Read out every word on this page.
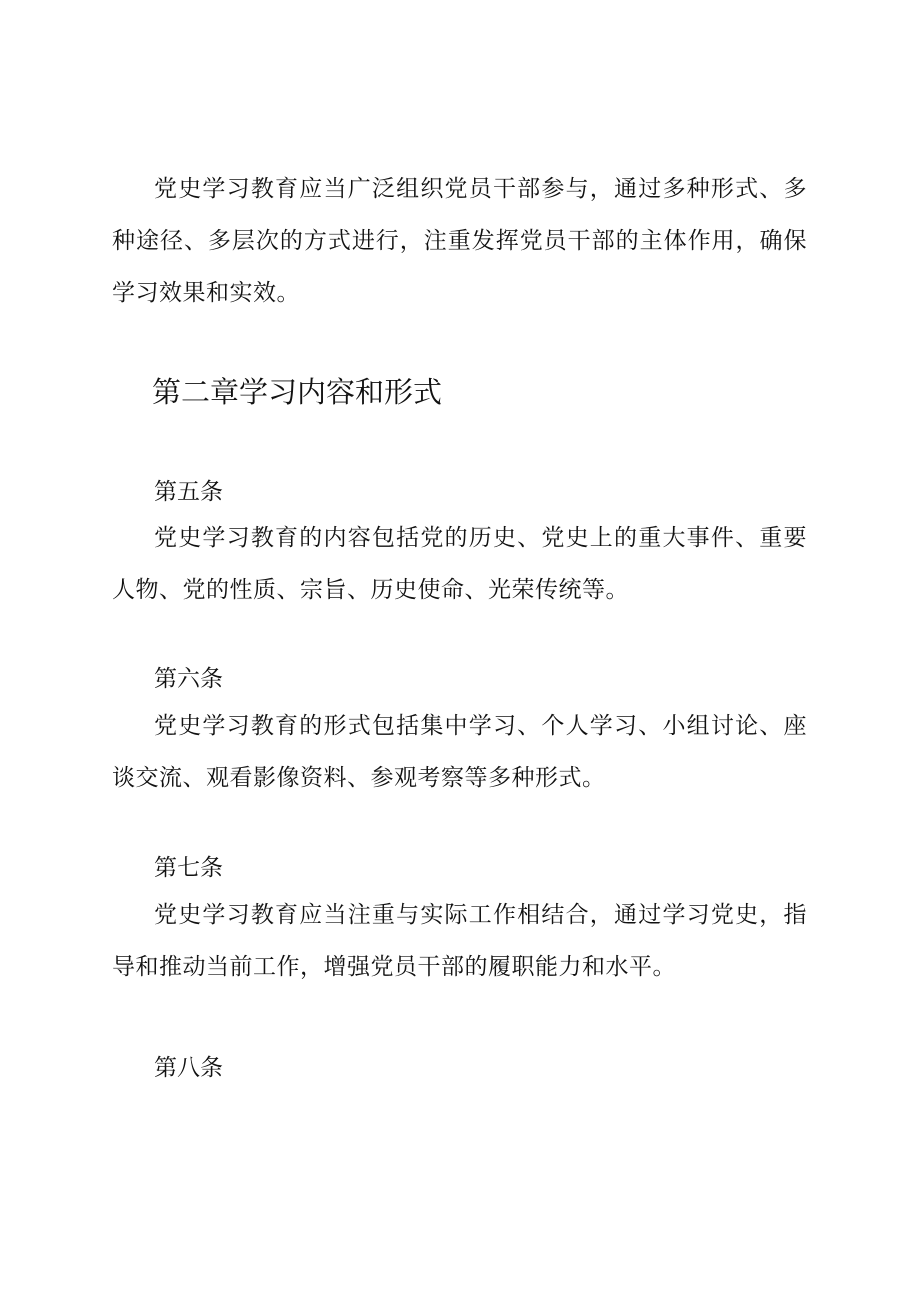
党史学习教育应当广泛组织党员干部参与，通过多种形式、多种途径、多层次的方式进行，注重发挥党员干部的主体作用，确保学习效果和实效。

第二章学习内容和形式

第五条

党史学习教育的内容包括党的历史、党史上的重大事件、重要人物、党的性质、宗旨、历史使命、光荣传统等。

第六条

党史学习教育的形式包括集中学习、个人学习、小组讨论、座谈交流、观看影像资料、参观考察等多种形式。

第七条

党史学习教育应当注重与实际工作相结合，通过学习党史，指导和推动当前工作，增强党员干部的履职能力和水平。

第八条
